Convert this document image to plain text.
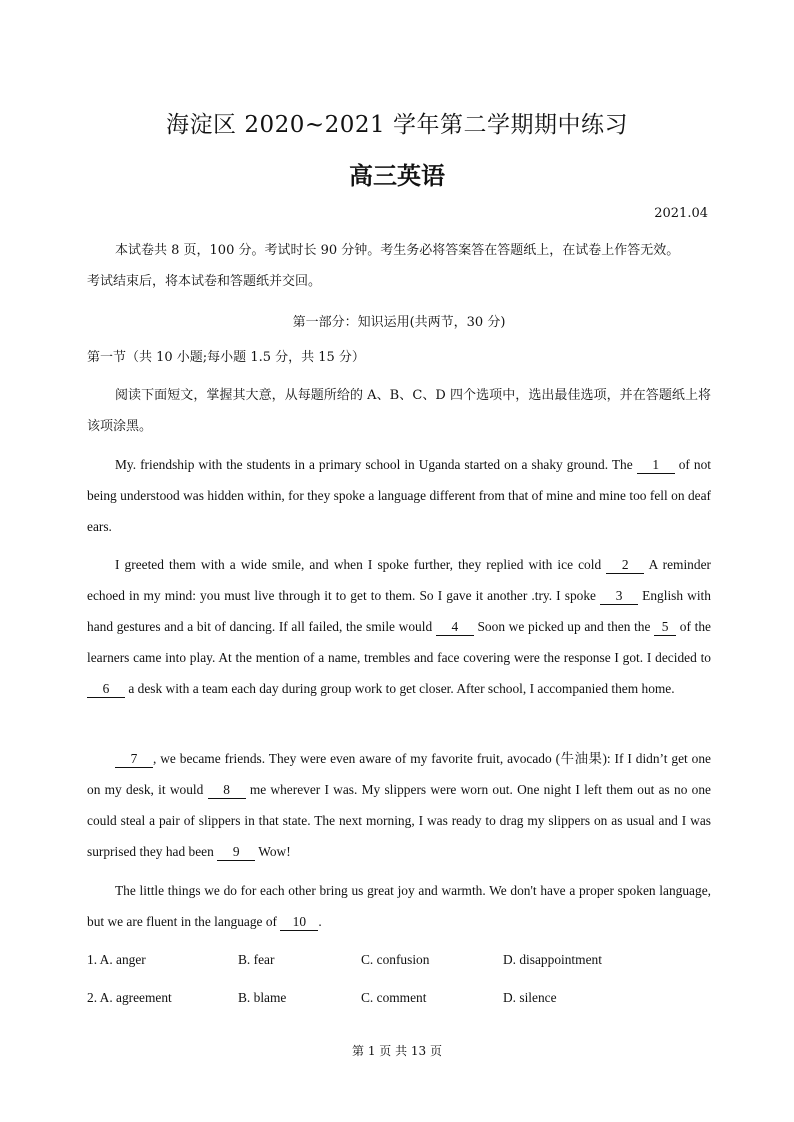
海淀区 2020~2021 学年第二学期期中练习
高三英语
2021.04
本试卷共 8 页，100 分。考试时长 90 分钟。考生务必将答案答在答题纸上，在试卷上作答无效。
考试结束后，将本试卷和答题纸并交回。
第一部分：知识运用(共两节，30 分)
第一节（共 10 小题;每小题 1.5 分，共 15 分）
阅读下面短文，掌握其大意，从每题所给的 A、B、C、D 四个选项中，选出最佳选项，并在答题纸上将该项涂黑。
My. friendship with the students in a primary school in Uganda started on a shaky ground. The 1 of not being understood was hidden within, for they spoke a language different from that of mine and mine too fell on deaf ears.
I greeted them with a wide smile, and when I spoke further, they replied with ice cold 2 A reminder echoed in my mind: you must live through it to get to them. So I gave it another .try. I spoke 3 English with hand gestures and a bit of dancing. If all failed, the smile would 4 Soon we picked up and then the 5 of the learners came into play. At the mention of a name, trembles and face covering were the response I got. I decided to 6 a desk with a team each day during group work to get closer. After school, I accompanied them home.
7 , we became friends. They were even aware of my favorite fruit, avocado (牛油果): If I didn’t get one on my desk, it would 8 me wherever I was. My slippers were worn out. One night I left them out as no one could steal a pair of slippers in that state. The next morning, I was ready to drag my slippers on as usual and I was surprised they had been 9 Wow!
The little things we do for each other bring us great joy and warmth. We don't have a proper spoken language, but we are fluent in the language of 10 .
1. A. anger	B. fear	C. confusion	D. disappointment
2. A. agreement	B. blame	C. comment	D. silence
第 1 页 共 13 页
